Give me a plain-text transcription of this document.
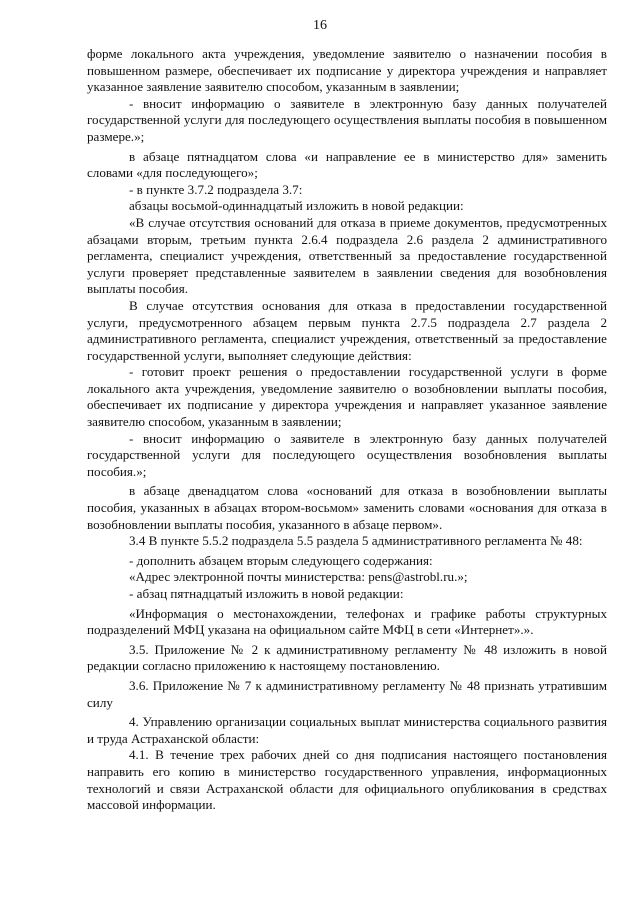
16

форме локального акта учреждения, уведомление заявителю о назначении пособия в повышенном размере, обеспечивает их подписание у директора учреждения и направляет указанное заявление заявителю способом, указанным в заявлении;

- вносит информацию о заявителе в электронную базу данных получателей государственной услуги для последующего осуществления выплаты пособия в повышенном размере.»;

в абзаце пятнадцатом слова «и направление ее в министерство для» заменить словами «для последующего»;

- в пункте 3.7.2 подраздела 3.7:

абзацы восьмой-одиннадцатый изложить в новой редакции:

«В случае отсутствия оснований для отказа в приеме документов, предусмотренных абзацами вторым, третьим пункта 2.6.4 подраздела 2.6 раздела 2 административного регламента, специалист учреждения, ответственный за предоставление государственной услуги проверяет представленные заявителем в заявлении сведения для возобновления выплаты пособия.

В случае отсутствия основания для отказа в предоставлении государственной услуги, предусмотренного абзацем первым пункта 2.7.5 подраздела 2.7 раздела 2 административного регламента, специалист учреждения, ответственный за предоставление государственной услуги, выполняет следующие действия:

- готовит проект решения о предоставлении государственной услуги в форме локального акта учреждения, уведомление заявителю о возобновлении выплаты пособия, обеспечивает их подписание у директора учреждения и направляет указанное заявление заявителю способом, указанным в заявлении;

- вносит информацию о заявителе в электронную базу данных получателей государственной услуги для последующего осуществления возобновления выплаты пособия.»;

в абзаце двенадцатом слова «оснований для отказа в возобновлении выплаты пособия, указанных в абзацах втором-восьмом» заменить словами «основания для отказа в возобновлении выплаты пособия, указанного в абзаце первом».

3.4 В пункте 5.5.2 подраздела 5.5 раздела 5 административного регламента № 48:

- дополнить абзацем вторым следующего содержания:

«Адрес электронной почты министерства: pens@astrobl.ru.»;

- абзац пятнадцатый изложить в новой редакции:

«Информация о местонахождении, телефонах и графике работы структурных подразделений МФЦ указана на официальном сайте МФЦ в сети «Интернет».».

3.5. Приложение № 2 к административному регламенту № 48 изложить в новой редакции согласно приложению к настоящему постановлению.

3.6. Приложение № 7 к административному регламенту № 48 признать утратившим силу

4. Управлению организации социальных выплат министерства социального развития и труда Астраханской области:

4.1. В течение трех рабочих дней со дня подписания настоящего постановления направить его копию в министерство государственного управления, информационных технологий и связи Астраханской области для официального опубликования в средствах массовой информации.
